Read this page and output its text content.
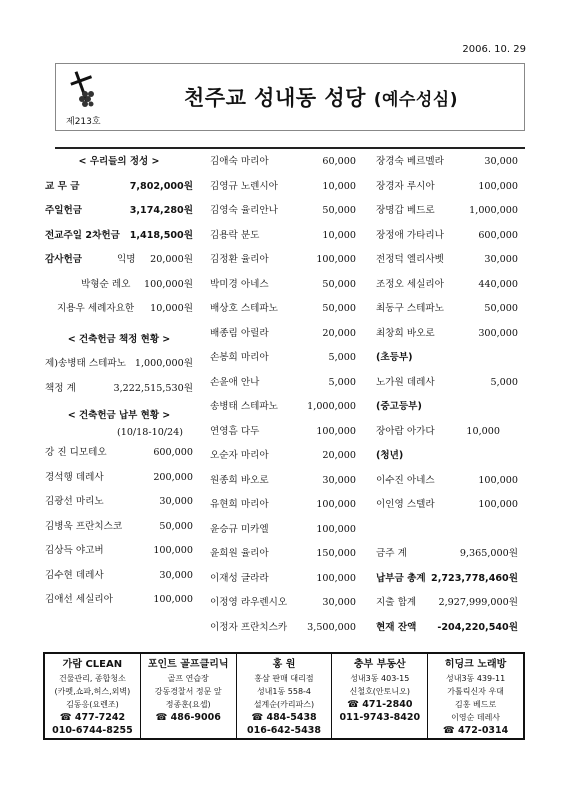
2006. 10. 29
제213호
천주교 성내동 성당 (예수성심)
< 우리들의 정성 >
교 무 금	7,802,000원
주일헌금	3,174,280원
전교주일 2차헌금 1,418,500원
감사헌금	익명 20,000원
박형순 레오 100,000원
지용우 세례자요한 10,000원
< 건축헌금 책정 현황 >
제)송병태 스테파노 1,000,000원
책정 계	3,222,515,530원
< 건축헌금 납부 현황 >
(10/18-10/24)
강 진 디모테오	600,000
경석행 데레사	200,000
김광선 마리노	30,000
김병욱 프란치스코	50,000
김상득 야고버	100,000
김수현 데레사	30,000
김애선 세실리아	100,000
김애숙 마리아	60,000
김영규 노렌시아	10,000
김영숙 율리안나	50,000
김용락 분도	10,000
김정환 율리아	100,000
박미경 아네스	50,000
배상호 스테파노	50,000
배종림 아릴라	20,000
손봉희 마리아	5,000
손윤애 안나	5,000
송병태 스테파노	1,000,000
연영흠 다두	100,000
오순자 마리아	20,000
원종희 바오로	30,000
유현희 마리아	100,000
윤승규 미카엘	100,000
윤희원 율리아	150,000
이재성 글라라	100,000
이정영 라우렌시오	30,000
이정자 프란치스카 3,500,000
장경숙 베르멜라	30,000
장경자 루시아	100,000
장명갑 베드로	1,000,000
장정애 가타리나	600,000
전정덕 엘리사벳	30,000
조정오 세실리아	440,000
최동구 스테파노	50,000
최창희 바오로	300,000
(초등부)
노가원 데레사	5,000
(중고등부)
장아람 아가다	10,000
(청년)
이수진 아네스	100,000
이인영 스텔라	100,000
금주 계	9,365,000원
납부금 총계 2,723,778,460원
지출 합계 2,927,999,000원
현재 잔액 -204,220,540원
가람 CLEAN
건물관리, 종합청소
(카펫,쇼파,허스,외벽)
김동응(요렌조)
☎ 477-7242
010-6744-8255
포인트 골프클리닉
골프 연습장
강동경찰서 정문 앞
정종훈(요셉)
☎ 486-9006
홍 원
홍삼 판매 대리점
성내1동 558-4
설계순(카리파스)
☎ 484-5438
016-642-5438
충부 부동산
성내3동 403-15
신철호(안토니오)
☎ 471-2840
011-9743-8420
히딩크 노래방
성내3동 439-11
가톨릭신자 우대
김홍 베드로
이영순 데레사
☎ 472-0314
